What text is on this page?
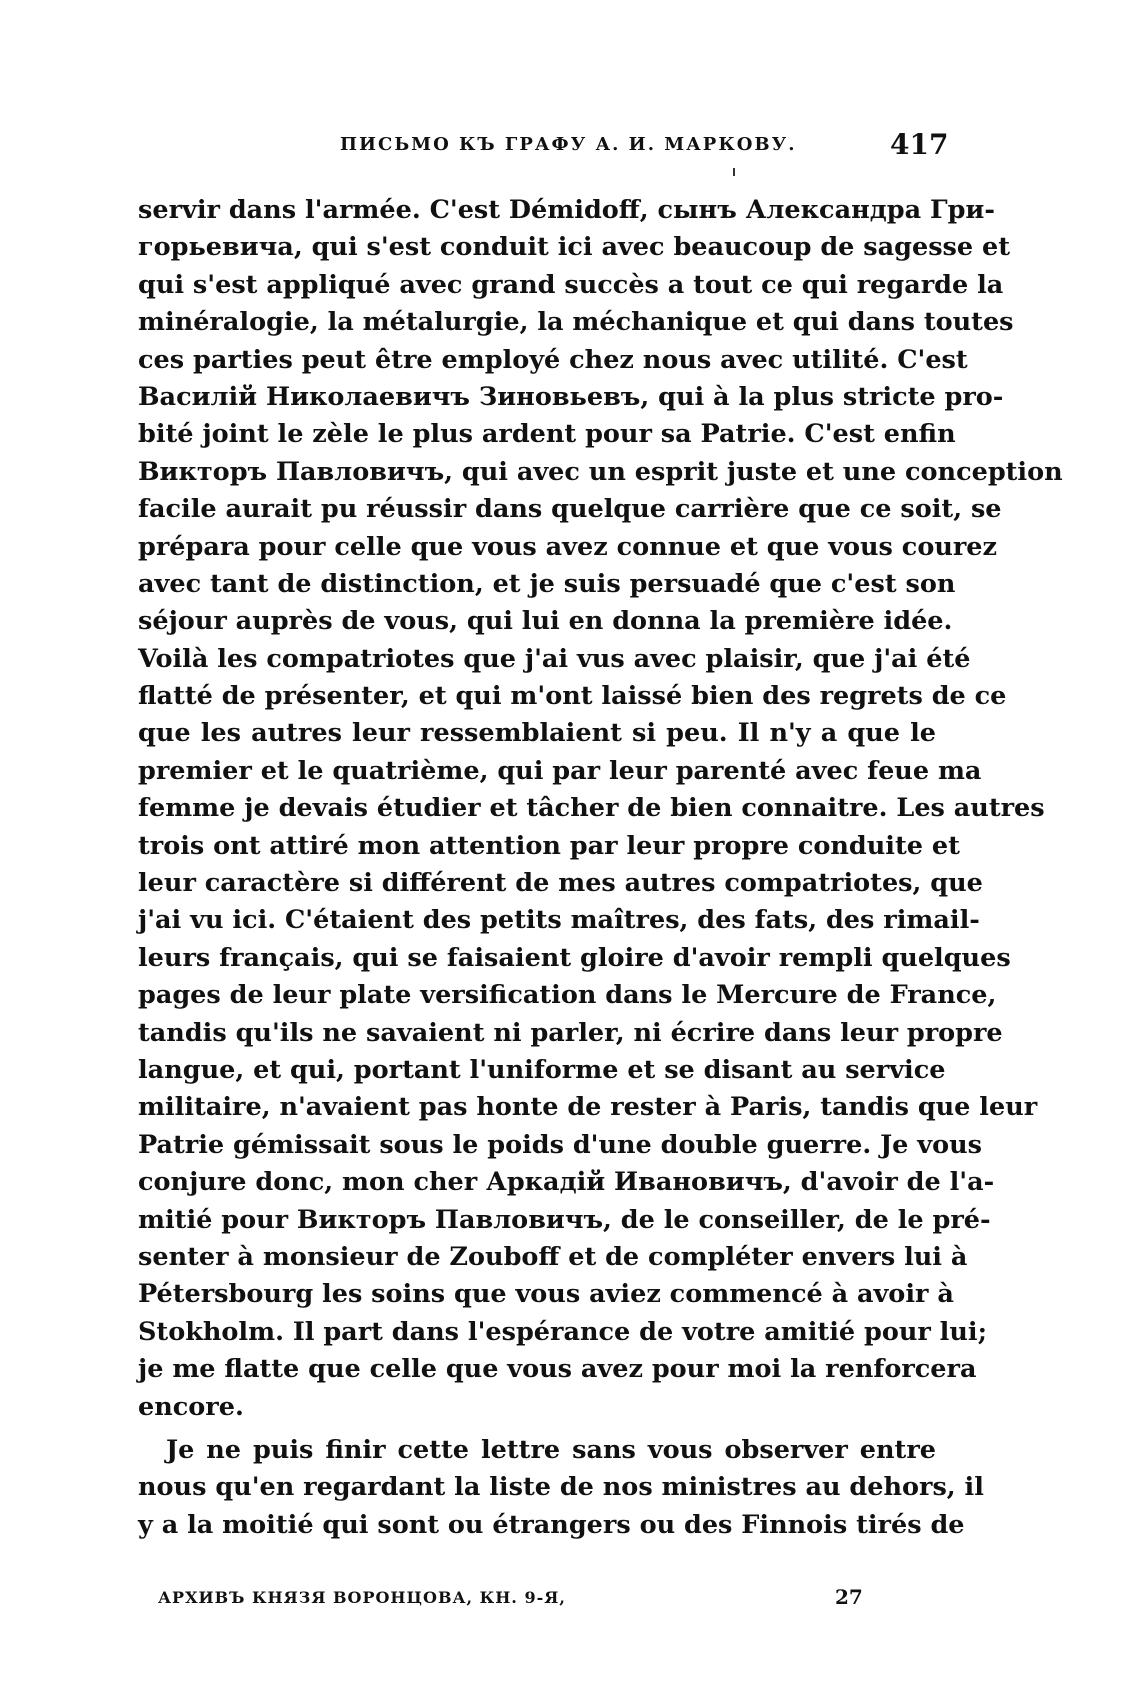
ПИСЬМО КЪ ГРАФУ А. И. МАРКОВУ.	417
servir dans l'armée. C'est Démidoff, сынъ Александра Гри-
горьевича, qui s'est conduit ici avec beaucoup de sagesse et
qui s'est appliqué avec grand succès a tout ce qui regarde la
minéralogie, la métalurgie, la méchanique et qui dans toutes
ces parties peut être employé chez nous avec utilité. C'est
Василій Николаевичъ Зиновьевъ, qui à la plus stricte pro-
bité joint le zèle le plus ardent pour sa Patrie. C'est enfin
Викторъ Павловичъ, qui avec un esprit juste et une conception
facile aurait pu réussir dans quelque carrière que ce soit, se
prépara pour celle que vous avez connue et que vous courez
avec tant de distinction, et je suis persuadé que c'est son
séjour auprès de vous, qui lui en donna la première idée.
Voilà les compatriotes que j'ai vus avec plaisir, que j'ai été
flatté de présenter, et qui m'ont laissé bien des regrets de ce
que les autres leur ressemblaient si peu. Il n'y a que le
premier et le quatrième, qui par leur parenté avec feue ma
femme je devais étudier et tâcher de bien connaitre. Les autres
trois ont attiré mon attention par leur propre conduite et
leur caractère si différent de mes autres compatriotes, que
j'ai vu ici. C'étaient des petits maîtres, des fats, des rimail-
leurs français, qui se faisaient gloire d'avoir rempli quelques
pages de leur plate versification dans le Mercure de France,
tandis qu'ils ne savaient ni parler, ni écrire dans leur propre
langue, et qui, portant l'uniforme et se disant au service
militaire, n'avaient pas honte de rester à Paris, tandis que leur
Patrie gémissait sous le poids d'une double guerre. Je vous
conjure donc, mon cher Аркадій Ивановичъ, d'avoir de l'a-
mitié pour Викторъ Павловичъ, de le conseiller, de le pré-
senter à monsieur de Zouboff et de compléter envers lui à
Pétersbourg les soins que vous aviez commencé à avoir à
Stokholm. Il part dans l'espérance de votre amitié pour lui;
je me flatte que celle que vous avez pour moi la renforcera
encore.
Je ne puis finir cette lettre sans vous observer entre
nous qu'en regardant la liste de nos ministres au dehors, il
y a la moitié qui sont ou étrangers ou des Finnois tirés de
АРХИВЪ КНЯЗЯ ВОРОНЦОВА, КН. 9-Я,	27
